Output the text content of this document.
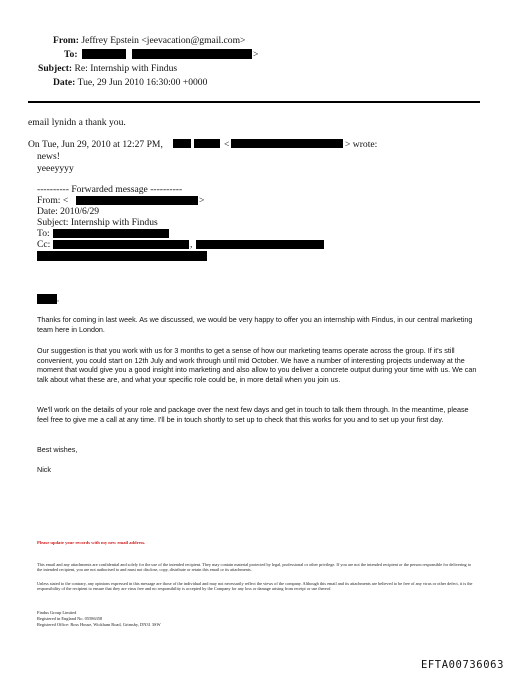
From: Jeffrey Epstein <jeevacation@gmail.com>
To:	>
Subject: Re: Internship with Findus
Date: Tue, 29 Jun 2010 16:30:00 +0000
email lynidn a thank you.
On Tue, Jun 29, 2010 at 12:27 PM,	<	> wrote:
news!
yeeeyyyy
---------- Forwarded message ----------
From: <	>
Date: 2010/6/29
Subject: Internship with Findus
To:
Cc:	,
,
Thanks for coming in last week. As we discussed, we would be very happy to offer you an internship with Findus, in our central marketing team here in London.
Our suggestion is that you work with us for 3 months to get a sense of how our marketing teams operate across the group. If it's still convenient, you could start on 12th July and work through until mid October. We have a number of interesting projects underway at the moment that would give you a good insight into marketing and also allow to you deliver a concrete output during your time with us. We can talk about what these are, and what your specific role could be, in more detail when you join us.
We'll work on the details of your role and package over the next few days and get in touch to talk them through. In the meantime, please feel free to give me a call at any time. I'll be in touch shortly to set up to check that this works for you and to set up your first day.
Best wishes,
Nick
Please update your records with my new email address.
This email and any attachments are confidential and solely for the use of the intended recipient. They may contain material protected by legal, professional or other privilege. If you are not the intended recipient or the person responsible for delivering to the intended recipient, you are not authorised to and must not disclose, copy, distribute or retain this email or its attachments.
Unless stated to the contrary, any opinions expressed in this message are those of the individual and may not necessarily reflect the views of the company. Although this email and its attachments are believed to be free of any virus or other defect, it is the responsibility of the recipient to ensure that they are virus free and no responsibility is accepted by the Company for any loss or damage arising from receipt or use thereof.
Findus Group Limited
Registered in England No. 05586358
Registered Office: Ross House, Wickham Road, Grimsby, DN31 3SW
EFTA00736063
